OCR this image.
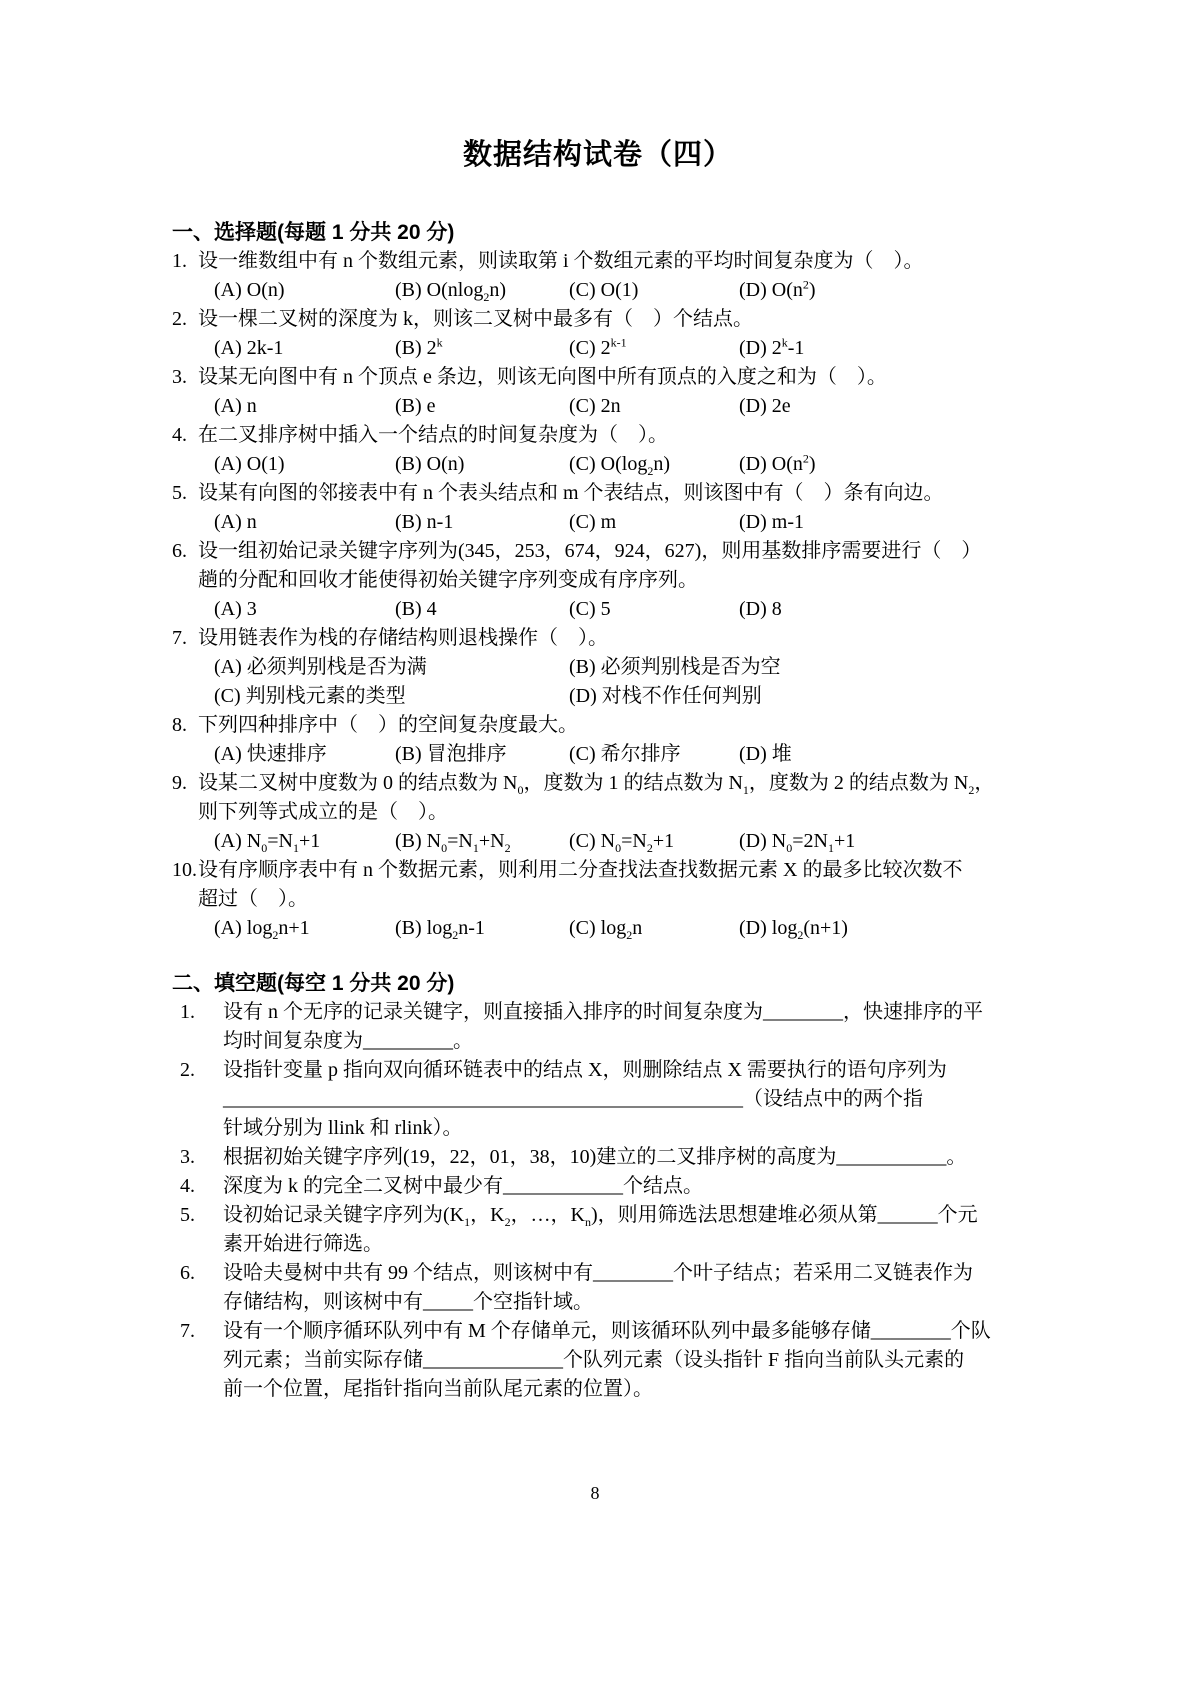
数据结构试卷（四）
一、选择题(每题 1 分共 20 分)
1. 设一维数组中有 n 个数组元素，则读取第 i 个数组元素的平均时间复杂度为（　）。
(A) O(n)	(B) O(nlog$_2$n)	(C) O(1)	(D) $O(n^2)$
2. 设一棵二叉树的深度为 k，则该二叉树中最多有（　）个结点。
(A) 2k-1	(B) 2$^k$	(C) 2$^{k-1}$	(D) 2$^k$-1
3. 设某无向图中有 n 个顶点 e 条边，则该无向图中所有顶点的入度之和为（　）。
(A) n	(B) e	(C) 2n	(D) 2e
4. 在二叉排序树中插入一个结点的时间复杂度为（　）。
(A) O(1)	(B) O(n)	(C) $O(\log_2n)$	(D) $O(n^2)$
5. 设某有向图的邻接表中有 n 个表头结点和 m 个表结点，则该图中有（　）条有向边。
(A) n	(B) n-1	(C) m	(D) m-1
6. 设一组初始记录关键字序列为(345，253，674，924，627)，则用基数排序需要进行（　）
趟的分配和回收才能使得初始关键字序列变成有序序列。
(A) 3	(B) 4	(C) 5	(D) 8
7. 设用链表作为栈的存储结构则退栈操作（　）。
(A) 必须判别栈是否为满	(B) 必须判别栈是否为空
(C) 判别栈元素的类型	(D) 对栈不作任何判别
8. 下列四种排序中（　）的空间复杂度最大。
(A) 快速排序	(B) 冒泡排序	(C) 希尔排序	(D) 堆
9. 设某二叉树中度数为 0 的结点数为 $N_0$，度数为 1 的结点数为 $N_1$，度数为 2 的结点数为 $N_2$，
则下列等式成立的是（　）。
(A) $N_0=N_1+1$	(B) $N_0=N_1+N_2$	(C) $N_0=N_2+1$	(D) $N_0=2N_1+1$
10. 设有序顺序表中有 n 个数据元素，则利用二分查找法查找数据元素 X 的最多比较次数不
超过（　）。
(A) $\log_2n+1$	(B) $\log_2n-1$	(C) $\log_2n$	(D) $\log_2(n+1)$
二、填空题(每空 1 分共 20 分)
1.	设有 n 个无序的记录关键字，则直接插入排序的时间复杂度为________，快速排序的平
均时间复杂度为_________。
2.	设指针变量 p 指向双向循环链表中的结点 X，则删除结点 X 需要执行的语句序列为
____________________________________________________（设结点中的两个指
针域分别为 llink 和 rlink）。
3.	根据初始关键字序列(19，22，01，38，10)建立的二叉排序树的高度为___________。
4.	深度为 k 的完全二叉树中最少有____________个结点。
5.	设初始记录关键字序列为($K_1$，$K_2$，…，$K_n$)，则用筛选法思想建堆必须从第______个元
素开始进行筛选。
6.	设哈夫曼树中共有 99 个结点，则该树中有________个叶子结点；若采用二叉链表作为
存储结构，则该树中有_____个空指针域。
7.	设有一个顺序循环队列中有 M 个存储单元，则该循环队列中最多能够存储________个队
列元素；当前实际存储______________个队列元素（设头指针 F 指向当前队头元素的
前一个位置，尾指针指向当前队尾元素的位置）。
8
